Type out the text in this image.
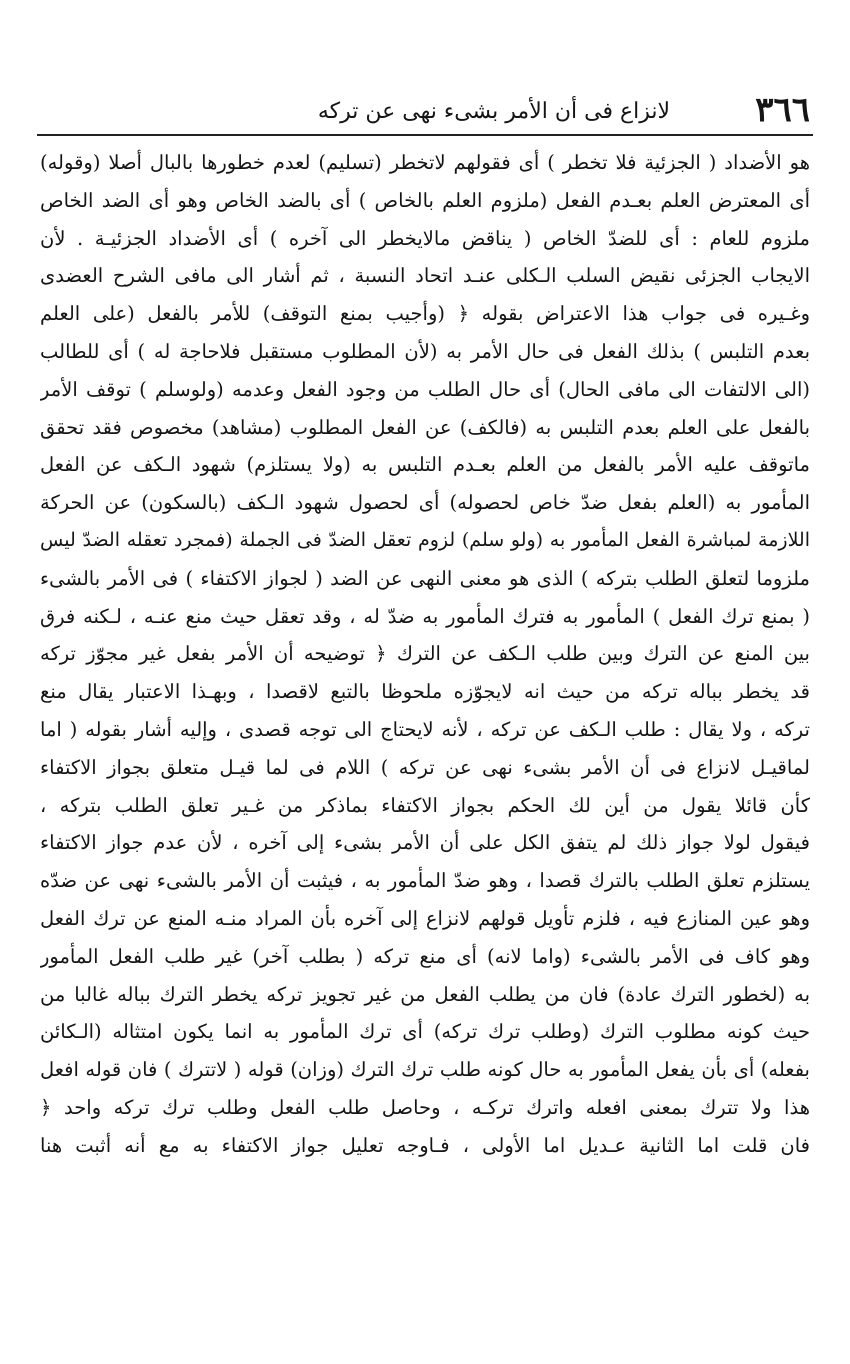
٣٦٦
لانزاع فى أن الأمر بشىء نهى عن تركه
هو الأضداد ( الجزئية فلا تخطر ) أى فقولهم لاتخطر (تسليم) لعدم خطورها بالبال أصلا (وقوله)
أى المعترض العلم بعـدم الفعل (ملزوم العلم بالخاص ) أى بالضد الخاص وهو أى الضد الخاص
ملزوم للعام : أى للضدّ الخاص ( يناقض مالايخطر الى آخره ) أى الأضداد الجزئيـة . لأن
الايجاب الجزئى نقيض السلب الـكلى عنـد اتحاد النسبة ، ثم أشار الى مافى الشرح العضدى
وغـيره فى جواب هذا الاعتراض بقوله ﴿ (وأجيب بمنع التوقف) للأمر بالفعل (على العلم
بعدم التلبس ) بذلك الفعل فى حال الأمر به (لأن المطلوب مستقبل فلاحاجة له ) أى للطالب
(الى الالتفات الى مافى الحال) أى حال الطلب من وجود الفعل وعدمه (ولوسلم ) توقف الأمر
بالفعل على العلم بعدم التلبس به (فالكف) عن الفعل المطلوب (مشاهد) مخصوص فقد تحقق
ماتوقف عليه الأمر بالفعل من العلم بعـدم التلبس به (ولا يستلزم) شهود الـكف عن الفعل
المأمور به (العلم بفعل ضدّ خاص لحصوله) أى لحصول شهود الـكف (بالسكون) عن الحركة
اللازمة لمباشرة الفعل المأمور به (ولو سلم) لزوم تعقل الضدّ فى الجملة (فمجرد تعقله الضدّ ليس
ملزوما لتعلق الطلب بتركه ) الذى هو معنى النهى عن الضد ( لجواز الاكتفاء ) فى الأمر بالشىء
( بمنع ترك الفعل ) المأمور به فترك المأمور به ضدّ له ، وقد تعقل حيث منع عنـه ، لـكنه فرق
بين المنع عن الترك وبين طلب الـكف عن الترك ﴿ توضيحه أن الأمر بفعل غير مجوّز تركه
قد يخطر بباله تركه من حيث انه لايجوّزه ملحوظا بالتبع لاقصدا ، وبهـذا الاعتبار يقال منع
تركه ، ولا يقال : طلب الـكف عن تركه ، لأنه لايحتاج الى توجه قصدى ، وإليه أشار بقوله ( اما
لماقيـل لانزاع فى أن الأمر بشىء نهى عن تركه ) اللام فى لما قيـل متعلق بجواز الاكتفاء
كأن قائلا يقول من أين لك الحكم بجواز الاكتفاء بماذكر من غـير تعلق الطلب بتركه ،
فيقول لولا جواز ذلك لم يتفق الكل على أن الأمر بشىء إلى آخره ، لأن عدم جواز الاكتفاء
يستلزم تعلق الطلب بالترك قصدا ، وهو ضدّ المأمور به ، فيثبت أن الأمر بالشىء نهى عن ضدّه
وهو عين المنازع فيه ، فلزم تأويل قولهم لانزاع إلى آخره بأن المراد منـه المنع عن ترك الفعل
وهو كاف فى الأمر بالشىء (واما لانه) أى منع تركه ( بطلب آخر) غير طلب الفعل المأمور
به (لخطور الترك عادة) فان من يطلب الفعل من غير تجويز تركه يخطر الترك بباله غالبا من
حيث كونه مطلوب الترك (وطلب ترك تركه) أى ترك المأمور به انما يكون امتثاله (الـكائن
بفعله) أى بأن يفعل المأمور به حال كونه طلب ترك الترك (وزان) قوله ( لاتترك ) فان قوله افعل
هذا ولا تترك بمعنى افعله واترك تركـه ، وحاصل طلب الفعل وطلب ترك تركه واحد ﴿
فان قلت اما الثانية عـديل اما الأولى ، فـاوجه تعليل جواز الاكتفاء به مع أنه أثبت هنا
